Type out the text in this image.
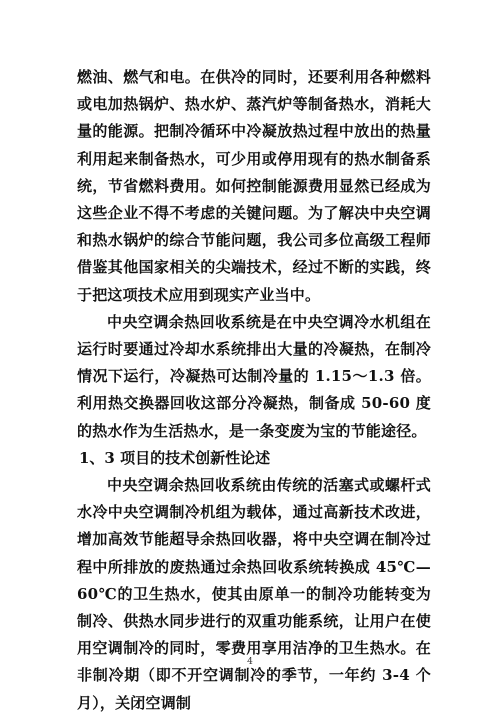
燃油、燃气和电。在供冷的同时，还要利用各种燃料或电加热锅炉、热水炉、蒸汽炉等制备热水，消耗大量的能源。把制冷循环中冷凝放热过程中放出的热量利用起来制备热水，可少用或停用现有的热水制备系统，节省燃料费用。如何控制能源费用显然已经成为这些企业不得不考虑的关键问题。为了解决中央空调和热水锅炉的综合节能问题，我公司多位高级工程师借鉴其他国家相关的尖端技术，经过不断的实践，终于把这项技术应用到现实产业当中。

中央空调余热回收系统是在中央空调冷水机组在运行时要通过冷却水系统排出大量的冷凝热，在制冷情况下运行，冷凝热可达制冷量的 1.15～1.3 倍。利用热交换器回收这部分冷凝热，制备成 50-60 度的热水作为生活热水，是一条变废为宝的节能途径。

1、3 项目的技术创新性论述

中央空调余热回收系统由传统的活塞式或螺杆式水冷中央空调制冷机组为载体，通过高新技术改进，增加高效节能超导余热回收器，将中央空调在制冷过程中所排放的废热通过余热回收系统转换成 45℃—60℃的卫生热水，使其由原单一的制冷功能转变为制冷、供热水同步进行的双重功能系统，让用户在使用空调制冷的同时，零费用享用洁净的卫生热水。在非制冷期（即不开空调制冷的季节，一年约 3-4 个月），关闭空调制

4
